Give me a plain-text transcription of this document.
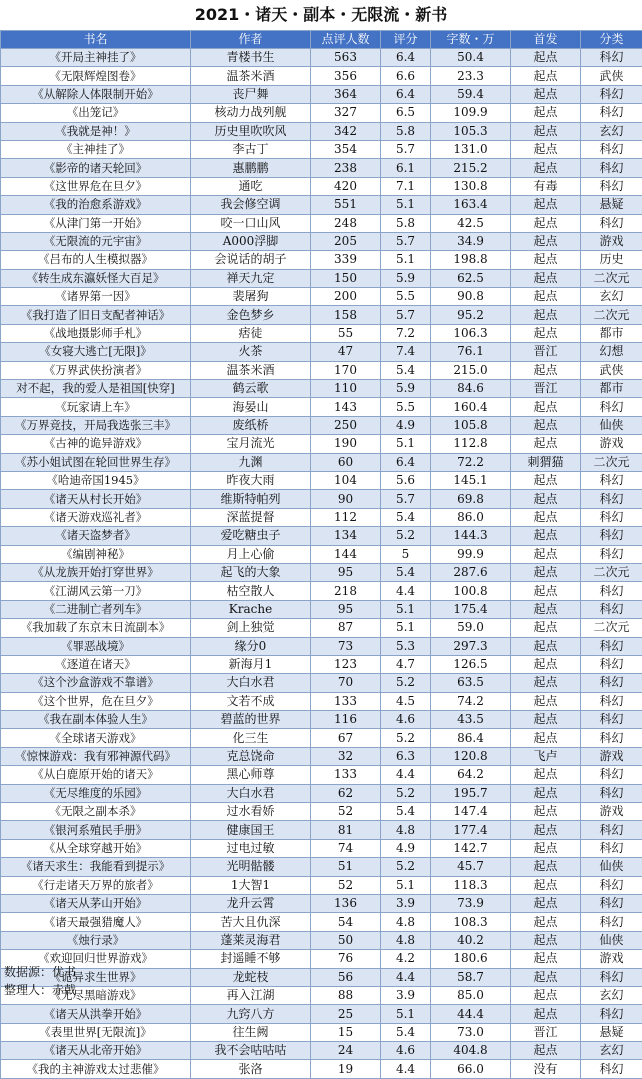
2021・诸天・副本・无限流・新书
书名	作者	点评人数	评分	字数・万	首发	分类
《开局主神挂了》	青楼书生	563	6.4	50.4	起点	科幻
《无限辉煌图卷》	温茶米酒	356	6.6	23.3	起点	武侠
《从解除人体限制开始》	丧尸舞	364	6.4	59.4	起点	科幻
《出笼记》	核动力战列舰	327	6.5	109.9	起点	科幻
《我就是神！》	历史里吹吹风	342	5.8	105.3	起点	玄幻
《主神挂了》	李古丁	354	5.7	131.0	起点	科幻
《影帝的诸天轮回》	惠鹏鹏	238	6.1	215.2	起点	科幻
《这世界危在旦夕》	通吃	420	7.1	130.8	有毒	科幻
《我的治愈系游戏》	我会修空调	551	5.1	163.4	起点	悬疑
《从津门第一开始》	咬一口山风	248	5.8	42.5	起点	科幻
《无限流的元宇宙》	A000浮脚	205	5.7	34.9	起点	游戏
《吕布的人生模拟器》	会说话的胡子	339	5.1	198.8	起点	历史
《转生成东瀛妖怪大百足》	禅天九定	150	5.9	62.5	起点	二次元
《诸界第一因》	裴屠狗	200	5.5	90.8	起点	玄幻
《我打造了旧日支配者神话》	金色梦乡	158	5.7	95.2	起点	二次元
《战地摄影师手札》	痞徒	55	7.2	106.3	起点	都市
《女寝大逃亡[无限]》	火茶	47	7.4	76.1	晋江	幻想
《万界武侠扮演者》	温茶米酒	170	5.4	215.0	起点	武侠
对不起，我的爱人是祖国[快穿]	鹤云歌	110	5.9	84.6	晋江	都市
《玩家请上车》	海晏山	143	5.5	160.4	起点	科幻
《万界竞技，开局我选张三丰》	废纸桥	250	4.9	105.8	起点	仙侠
《古神的诡异游戏》	宝月流光	190	5.1	112.8	起点	游戏
《苏小姐试图在轮回世界生存》	九渊	60	6.4	72.2	刺猬猫	二次元
《哈迪帝国1945》	昨夜大雨	104	5.6	145.1	起点	科幻
《诸天从村长开始》	维斯特帕列	90	5.7	69.8	起点	科幻
《诸天游戏巡礼者》	深蓝提督	112	5.4	86.0	起点	科幻
《诸天盗梦者》	爱吃糖虫子	134	5.2	144.3	起点	科幻
《编剧神秘》	月上心偷	144	5	99.9	起点	科幻
《从龙族开始打穿世界》	起飞的大象	95	5.4	287.6	起点	二次元
《江湖风云第一刀》	枯空散人	218	4.4	100.8	起点	科幻
《二进制亡者列车》	Krache	95	5.1	175.4	起点	科幻
《我加载了东京末日流副本》	剑上独觉	87	5.1	59.0	起点	二次元
《罪恶战境》	缘分0	73	5.3	297.3	起点	科幻
《逐道在诸天》	新海月1	123	4.7	126.5	起点	科幻
《这个沙盒游戏不靠谱》	大白水君	70	5.2	63.5	起点	科幻
《这个世界，危在旦夕》	文若不成	133	4.5	74.2	起点	科幻
《我在副本体验人生》	碧蓝的世界	116	4.6	43.5	起点	科幻
《全球诸天游戏》	化三生	67	5.2	86.4	起点	科幻
《惊悚游戏：我有邪神源代码》	克总饶命	32	6.3	120.8	飞卢	游戏
《从白鹿原开始的诸天》	黑心师尊	133	4.4	64.2	起点	科幻
《无尽维度的乐园》	大白水君	62	5.2	195.7	起点	科幻
《无限之副本杀》	过水看娇	52	5.4	147.4	起点	游戏
《银河系殖民手册》	健康国王	81	4.8	177.4	起点	科幻
《从全球穿越开始》	过电过敏	74	4.9	142.7	起点	科幻
《诸天求生：我能看到提示》	光明骷髅	51	5.2	45.7	起点	仙侠
《行走诸天万界的旅者》	1大智1	52	5.1	118.3	起点	科幻
《诸天从茅山开始》	龙升云霄	136	3.9	73.9	起点	科幻
《诸天最强猎魔人》	苦大且仇深	54	4.8	108.3	起点	科幻
《烛行录》	蓬莱灵海君	50	4.8	40.2	起点	仙侠
《欢迎回归世界游戏》	封遥睡不够	76	4.2	180.6	起点	游戏
《诡异求生世界》	龙蛇枝	56	4.4	58.7	起点	科幻
《无尽黑暗游戏》	再入江湖	88	3.9	85.0	起点	玄幻
《诸天从洪拳开始》	九窍八方	25	5.1	44.4	起点	科幻
《表里世界[无限流]》	往生阙	15	5.4	73.0	晋江	悬疑
《诸天从北帝开始》	我不会咕咕咕	24	4.6	404.8	起点	玄幻
《我的主神游戏太过悲催》	张洛	19	4.4	66.0	没有	科幻
数据源：优书
整理人：赤戟
